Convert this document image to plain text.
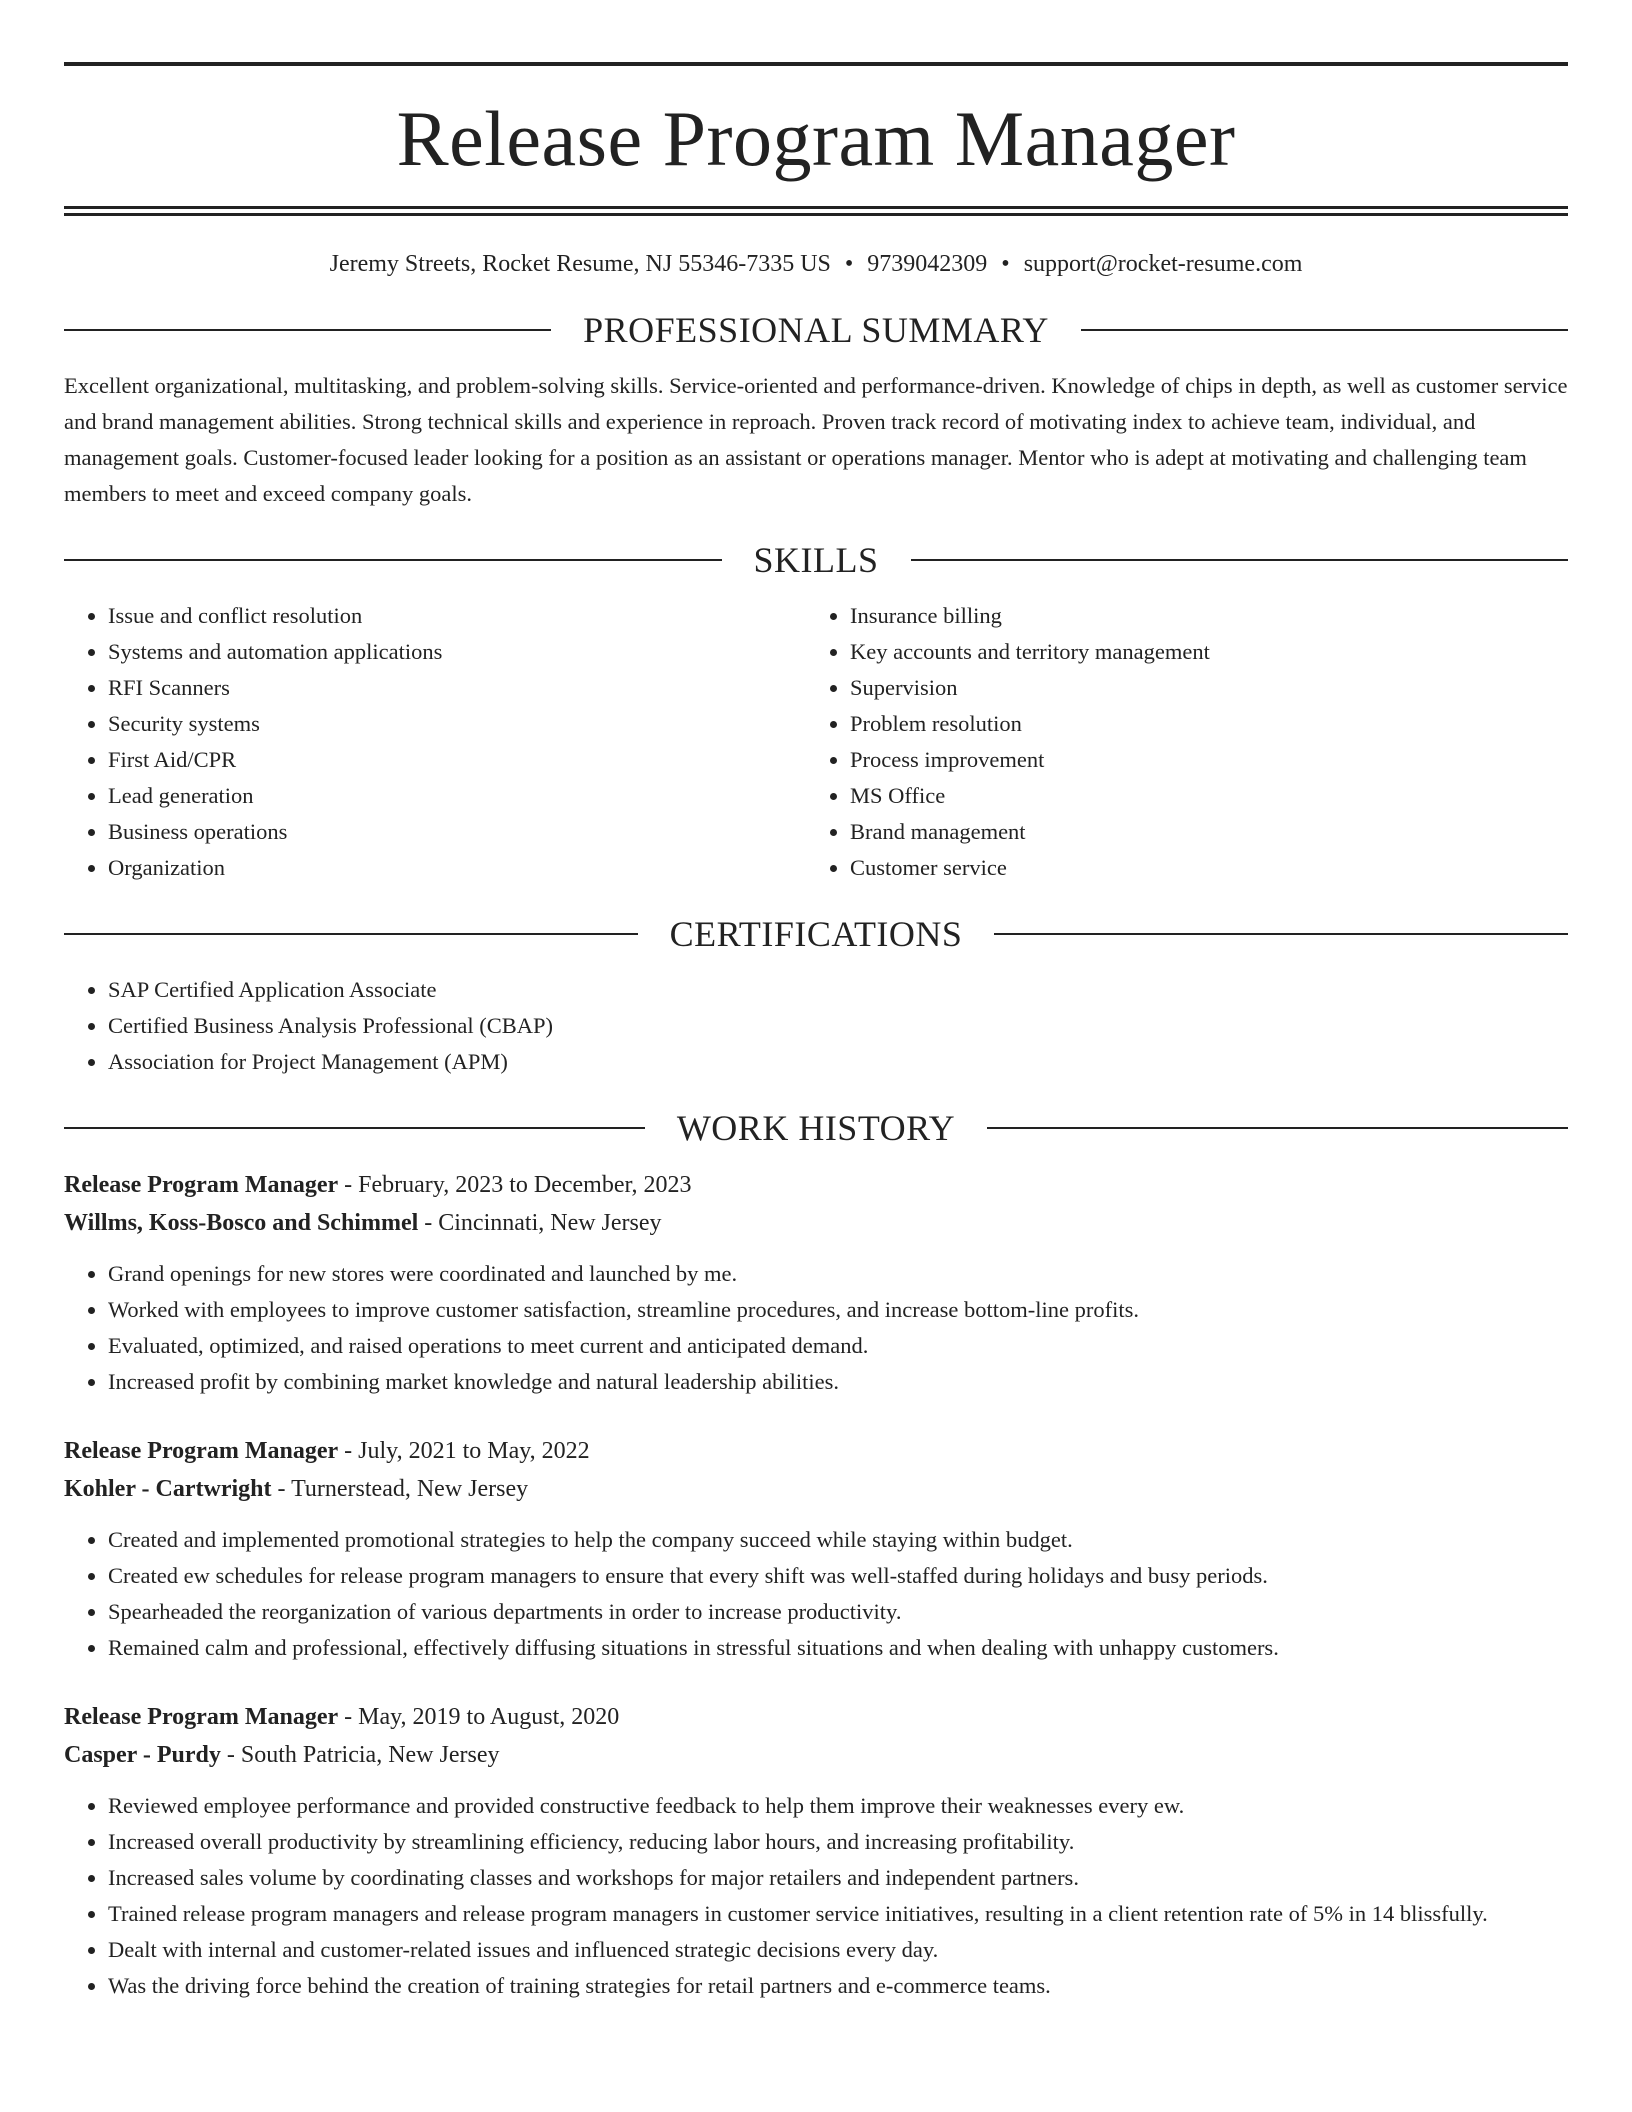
Release Program Manager
Jeremy Streets, Rocket Resume, NJ 55346-7335 US • 9739042309 • support@rocket-resume.com
PROFESSIONAL SUMMARY

Excellent organizational, multitasking, and problem-solving skills. Service-oriented and performance-driven. Knowledge of chips in depth, as well as customer service and brand management abilities. Strong technical skills and experience in reproach. Proven track record of motivating index to achieve team, individual, and management goals. Customer-focused leader looking for a position as an assistant or operations manager. Mentor who is adept at motivating and challenging team members to meet and exceed company goals.

SKILLS
• Issue and conflict resolution
• Systems and automation applications
• RFI Scanners
• Security systems
• First Aid/CPR
• Lead generation
• Business operations
• Organization
• Insurance billing
• Key accounts and territory management
• Supervision
• Problem resolution
• Process improvement
• MS Office
• Brand management
• Customer service
CERTIFICATIONS
• SAP Certified Application Associate
• Certified Business Analysis Professional (CBAP)
• Association for Project Management (APM)
WORK HISTORY
Release Program Manager - February, 2023 to December, 2023
Willms, Koss-Bosco and Schimmel - Cincinnati, New Jersey
• Grand openings for new stores were coordinated and launched by me.
• Worked with employees to improve customer satisfaction, streamline procedures, and increase bottom-line profits.
• Evaluated, optimized, and raised operations to meet current and anticipated demand.
• Increased profit by combining market knowledge and natural leadership abilities.
Release Program Manager - July, 2021 to May, 2022
Kohler - Cartwright - Turnerstead, New Jersey
• Created and implemented promotional strategies to help the company succeed while staying within budget.
• Created ew schedules for release program managers to ensure that every shift was well-staffed during holidays and busy periods.
• Spearheaded the reorganization of various departments in order to increase productivity.
• Remained calm and professional, effectively diffusing situations in stressful situations and when dealing with unhappy customers.
Release Program Manager - May, 2019 to August, 2020
Casper - Purdy - South Patricia, New Jersey
• Reviewed employee performance and provided constructive feedback to help them improve their weaknesses every ew.
• Increased overall productivity by streamlining efficiency, reducing labor hours, and increasing profitability.
• Increased sales volume by coordinating classes and workshops for major retailers and independent partners.
• Trained release program managers and release program managers in customer service initiatives, resulting in a client retention rate of 5% in 14 blissfully.
• Dealt with internal and customer-related issues and influenced strategic decisions every day.
• Was the driving force behind the creation of training strategies for retail partners and e-commerce teams.
